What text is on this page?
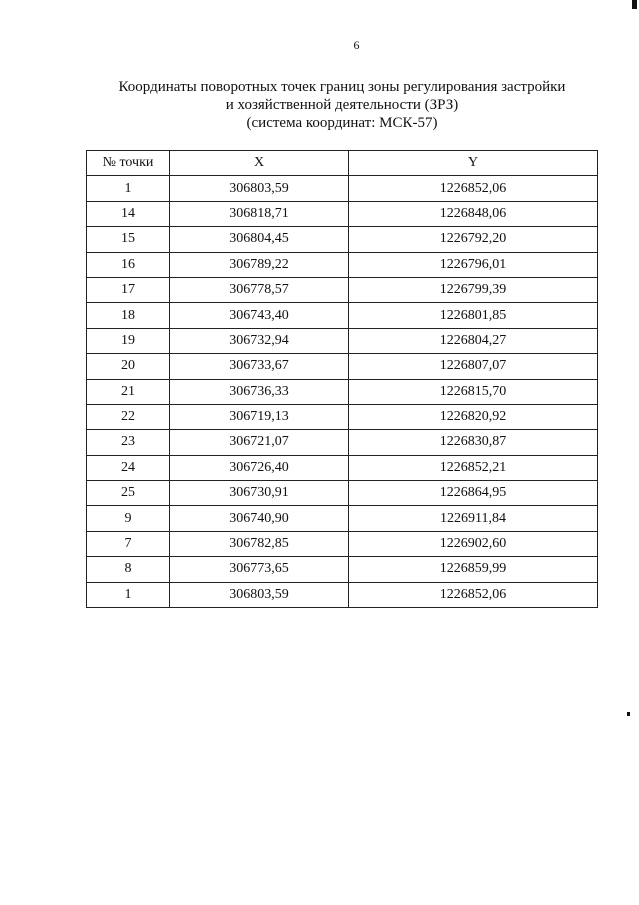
6
Координаты поворотных точек границ зоны регулирования застройки
и хозяйственной деятельности (ЗРЗ)
(система координат: МСК-57)
№ точки	X	Y
1	306803,59	1226852,06
14	306818,71	1226848,06
15	306804,45	1226792,20
16	306789,22	1226796,01
17	306778,57	1226799,39
18	306743,40	1226801,85
19	306732,94	1226804,27
20	306733,67	1226807,07
21	306736,33	1226815,70
22	306719,13	1226820,92
23	306721,07	1226830,87
24	306726,40	1226852,21
25	306730,91	1226864,95
9	306740,90	1226911,84
7	306782,85	1226902,60
8	306773,65	1226859,99
1	306803,59	1226852,06
